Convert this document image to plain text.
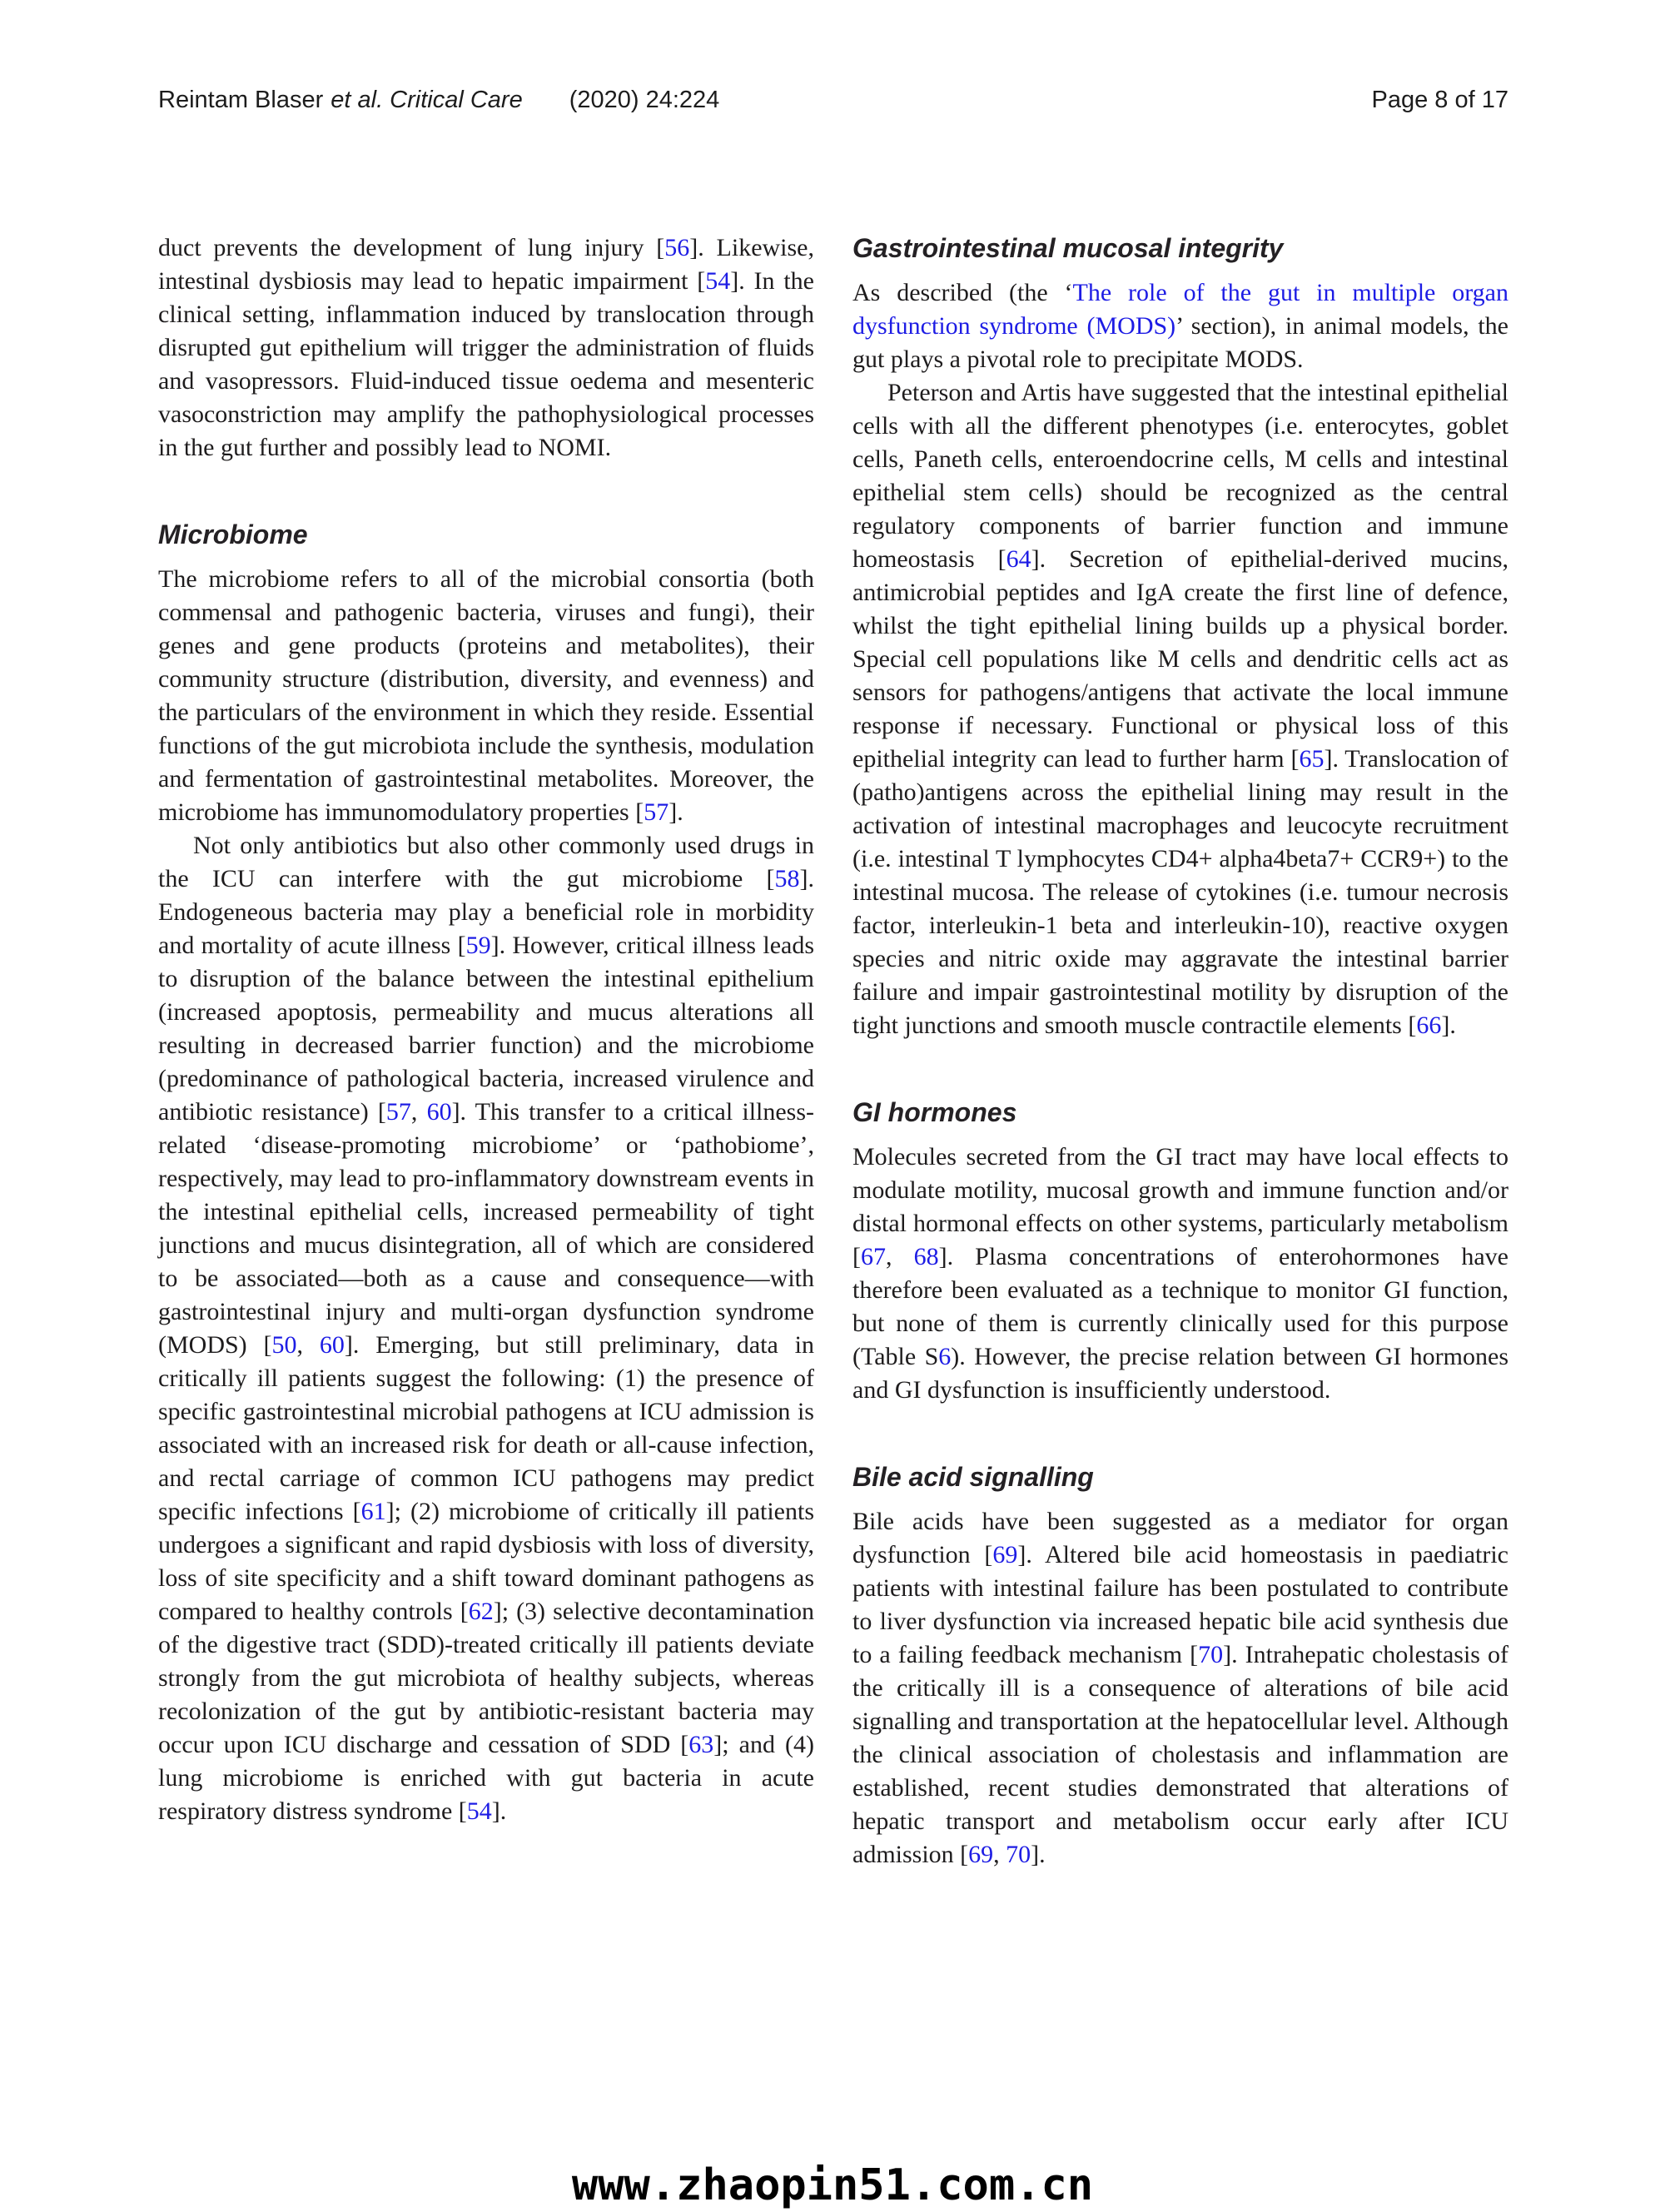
Reintam Blaser et al. Critical Care (2020) 24:224	Page 8 of 17

duct prevents the development of lung injury [56]. Likewise, intestinal dysbiosis may lead to hepatic impairment [54]. In the clinical setting, inflammation induced by translocation through disrupted gut epithelium will trigger the administration of fluids and vasopressors. Fluid-induced tissue oedema and mesenteric vasoconstriction may amplify the pathophysiological processes in the gut further and possibly lead to NOMI.

Microbiome

The microbiome refers to all of the microbial consortia (both commensal and pathogenic bacteria, viruses and fungi), their genes and gene products (proteins and metabolites), their community structure (distribution, diversity, and evenness) and the particulars of the environment in which they reside. Essential functions of the gut microbiota include the synthesis, modulation and fermentation of gastrointestinal metabolites. Moreover, the microbiome has immunomodulatory properties [57].

Not only antibiotics but also other commonly used drugs in the ICU can interfere with the gut microbiome [58]. Endogeneous bacteria may play a beneficial role in morbidity and mortality of acute illness [59]. However, critical illness leads to disruption of the balance between the intestinal epithelium (increased apoptosis, permeability and mucus alterations all resulting in decreased barrier function) and the microbiome (predominance of pathological bacteria, increased virulence and antibiotic resistance) [57, 60]. This transfer to a critical illness-related ‘disease-promoting microbiome’ or ‘pathobiome’, respectively, may lead to pro-inflammatory downstream events in the intestinal epithelial cells, increased permeability of tight junctions and mucus disintegration, all of which are considered to be associated—both as a cause and consequence—with gastrointestinal injury and multi-organ dysfunction syndrome (MODS) [50, 60]. Emerging, but still preliminary, data in critically ill patients suggest the following: (1) the presence of specific gastrointestinal microbial pathogens at ICU admission is associated with an increased risk for death or all-cause infection, and rectal carriage of common ICU pathogens may predict specific infections [61]; (2) microbiome of critically ill patients undergoes a significant and rapid dysbiosis with loss of diversity, loss of site specificity and a shift toward dominant pathogens as compared to healthy controls [62]; (3) selective decontamination of the digestive tract (SDD)-treated critically ill patients deviate strongly from the gut microbiota of healthy subjects, whereas recolonization of the gut by antibiotic-resistant bacteria may occur upon ICU discharge and cessation of SDD [63]; and (4) lung microbiome is enriched with gut bacteria in acute respiratory distress syndrome [54].

Gastrointestinal mucosal integrity

As described (the ‘The role of the gut in multiple organ dysfunction syndrome (MODS)’ section), in animal models, the gut plays a pivotal role to precipitate MODS.

Peterson and Artis have suggested that the intestinal epithelial cells with all the different phenotypes (i.e. enterocytes, goblet cells, Paneth cells, enteroendocrine cells, M cells and intestinal epithelial stem cells) should be recognized as the central regulatory components of barrier function and immune homeostasis [64]. Secretion of epithelial-derived mucins, antimicrobial peptides and IgA create the first line of defence, whilst the tight epithelial lining builds up a physical border. Special cell populations like M cells and dendritic cells act as sensors for pathogens/antigens that activate the local immune response if necessary. Functional or physical loss of this epithelial integrity can lead to further harm [65]. Translocation of (patho)antigens across the epithelial lining may result in the activation of intestinal macrophages and leucocyte recruitment (i.e. intestinal T lymphocytes CD4+ alpha4beta7+ CCR9+) to the intestinal mucosa. The release of cytokines (i.e. tumour necrosis factor, interleukin-1 beta and interleukin-10), reactive oxygen species and nitric oxide may aggravate the intestinal barrier failure and impair gastrointestinal motility by disruption of the tight junctions and smooth muscle contractile elements [66].

GI hormones

Molecules secreted from the GI tract may have local effects to modulate motility, mucosal growth and immune function and/or distal hormonal effects on other systems, particularly metabolism [67, 68]. Plasma concentrations of enterohormones have therefore been evaluated as a technique to monitor GI function, but none of them is currently clinically used for this purpose (Table S6). However, the precise relation between GI hormones and GI dysfunction is insufficiently understood.

Bile acid signalling

Bile acids have been suggested as a mediator for organ dysfunction [69]. Altered bile acid homeostasis in paediatric patients with intestinal failure has been postulated to contribute to liver dysfunction via increased hepatic bile acid synthesis due to a failing feedback mechanism [70]. Intrahepatic cholestasis of the critically ill is a consequence of alterations of bile acid signalling and transportation at the hepatocellular level. Although the clinical association of cholestasis and inflammation are established, recent studies demonstrated that alterations of hepatic transport and metabolism occur early after ICU admission [69, 70].

www.zhaopin51.com.cn
